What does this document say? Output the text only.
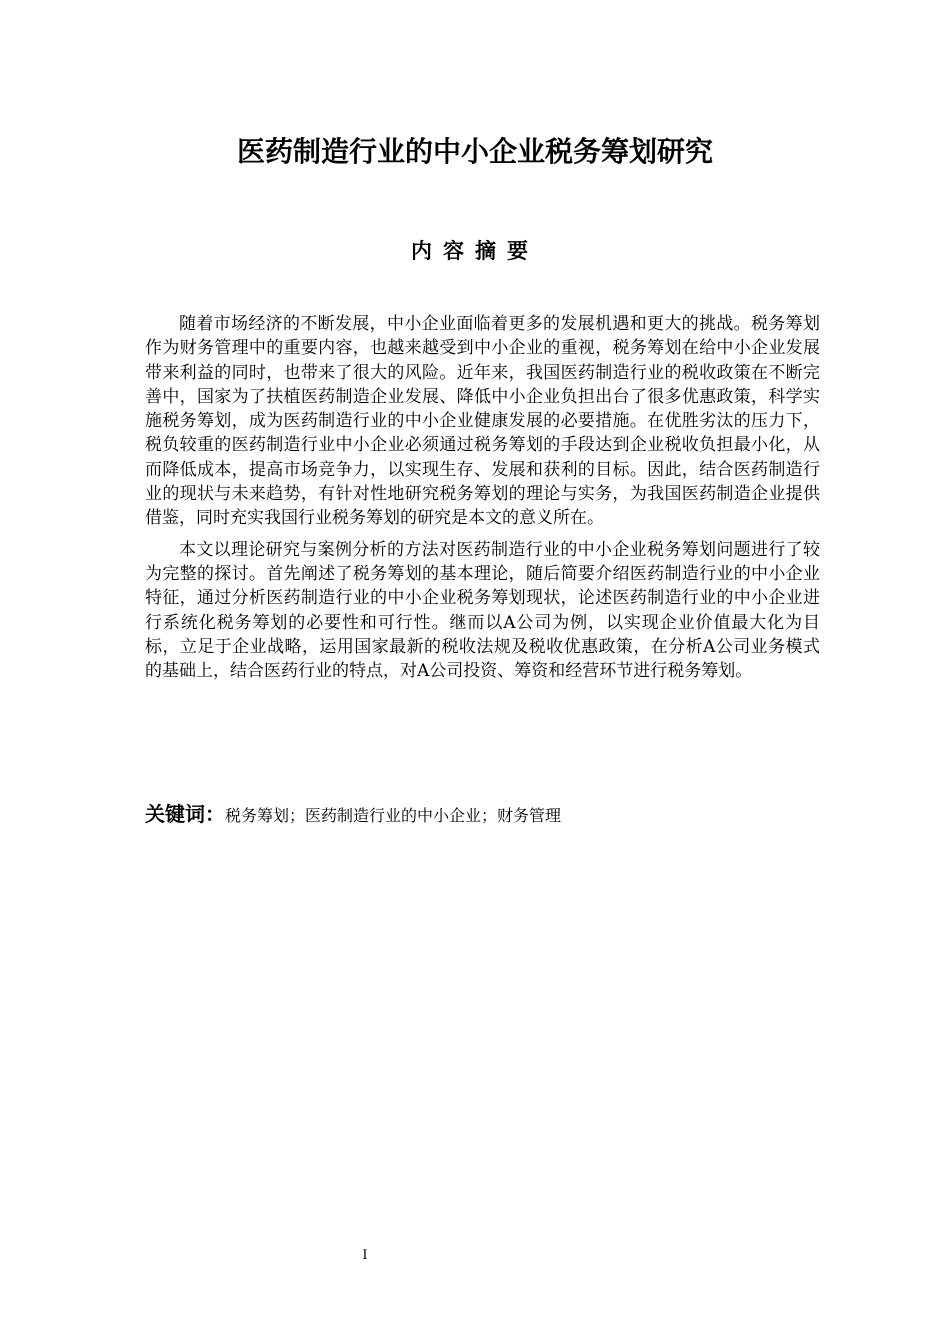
医药制造行业的中小企业税务筹划研究
内容摘要

随着市场经济的不断发展，中小企业面临着更多的发展机遇和更大的挑战。税务筹划作为财务管理中的重要内容，也越来越受到中小企业的重视，税务筹划在给中小企业发展带来利益的同时，也带来了很大的风险。近年来，我国医药制造行业的税收政策在不断完善中，国家为了扶植医药制造企业发展、降低中小企业负担出台了很多优惠政策，科学实施税务筹划，成为医药制造行业的中小企业健康发展的必要措施。在优胜劣汰的压力下，税负较重的医药制造行业中小企业必须通过税务筹划的手段达到企业税收负担最小化，从而降低成本，提高市场竞争力，以实现生存、发展和获利的目标。因此，结合医药制造行业的现状与未来趋势，有针对性地研究税务筹划的理论与实务，为我国医药制造企业提供借鉴，同时充实我国行业税务筹划的研究是本文的意义所在。

本文以理论研究与案例分析的方法对医药制造行业的中小企业税务筹划问题进行了较为完整的探讨。首先阐述了税务筹划的基本理论，随后简要介绍医药制造行业的中小企业特征，通过分析医药制造行业的中小企业税务筹划现状，论述医药制造行业的中小企业进行系统化税务筹划的必要性和可行性。继而以A公司为例，以实现企业价值最大化为目标，立足于企业战略，运用国家最新的税收法规及税收优惠政策，在分析A公司业务模式的基础上，结合医药行业的特点，对A公司投资、筹资和经营环节进行税务筹划。

关键词：税务筹划；医药制造行业的中小企业；财务管理
I
